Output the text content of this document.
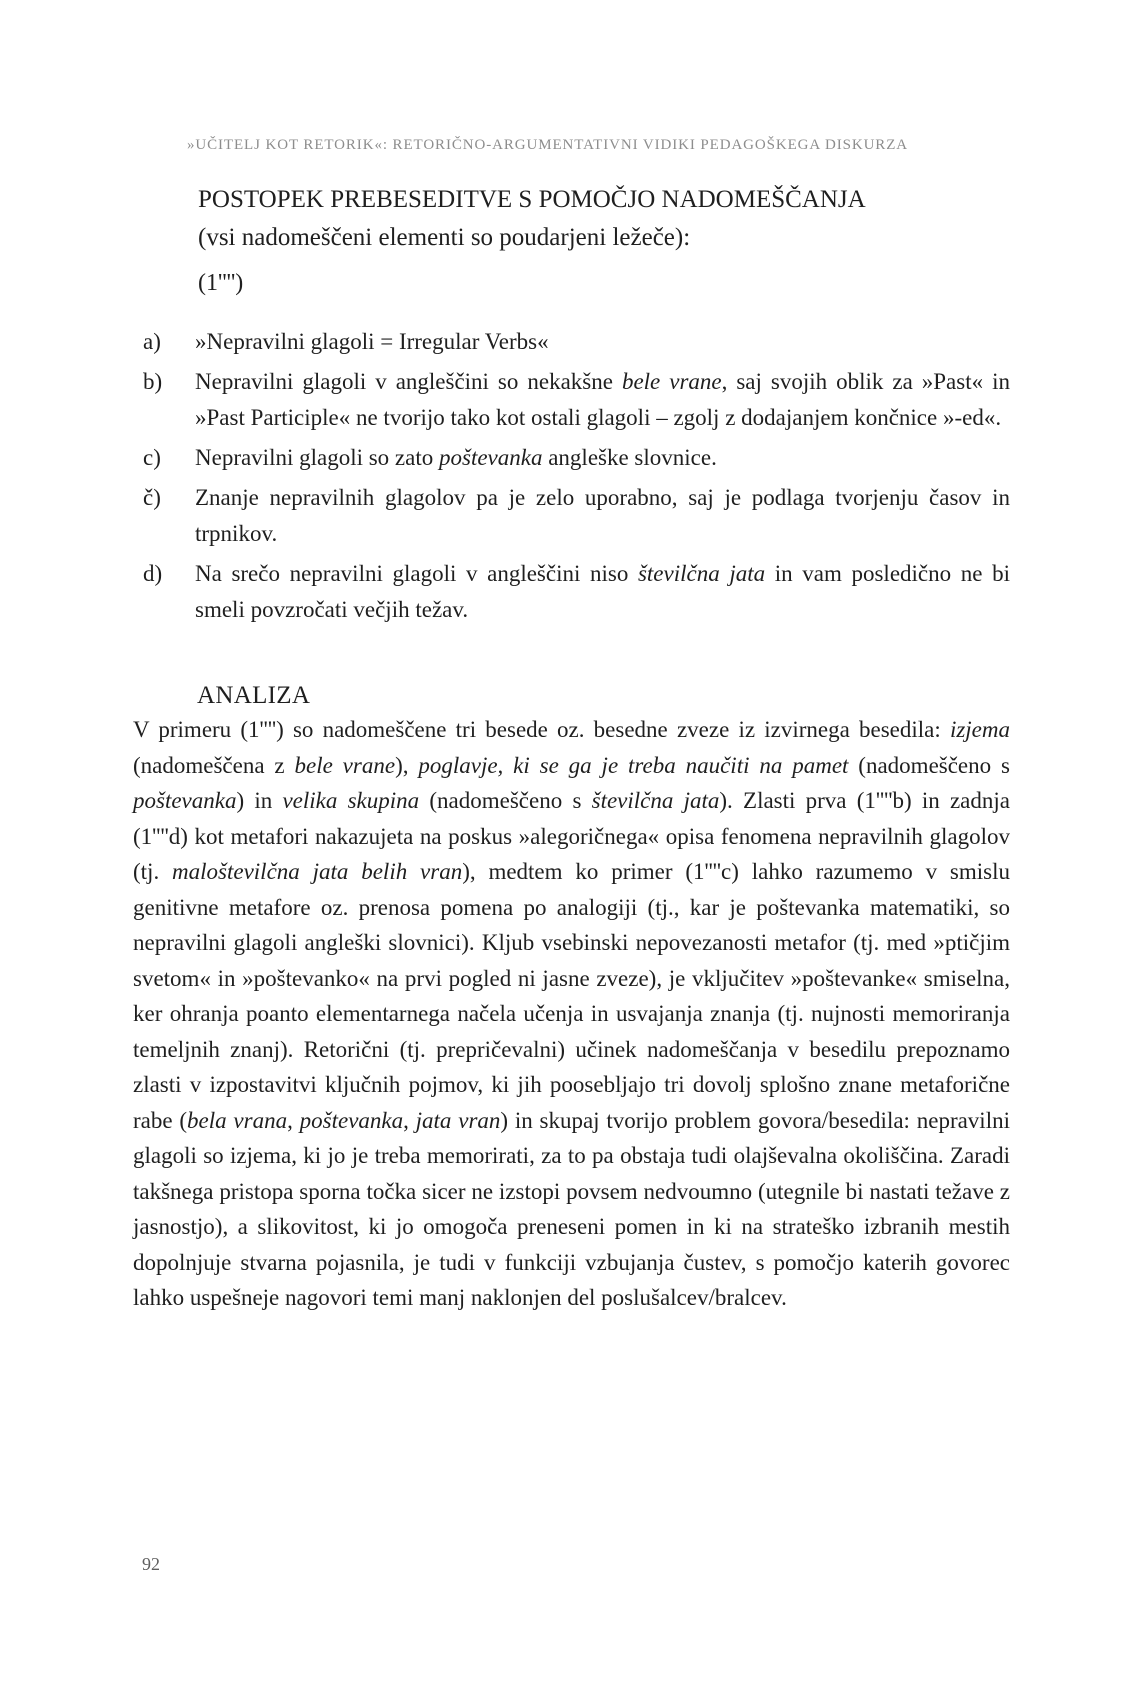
»UČITELJ KOT RETORIK«: RETORIČNO-ARGUMENTATIVNI VIDIKI PEDAGOŠKEGA DISKURZA
POSTOPEK PREBESEDITVE S POMOČJO NADOMEŠČANJA
(vsi nadomeščeni elementi so poudarjeni ležeče):
(1'''')
a) »Nepravilni glagoli = Irregular Verbs«
b) Nepravilni glagoli v angleščini so nekakšne bele vrane, saj svojih oblik za »Past« in »Past Participle« ne tvorijo tako kot ostali glagoli – zgolj z dodajanjem končnice »-ed«.
c) Nepravilni glagoli so zato poštevanka angleške slovnice.
č) Znanje nepravilnih glagolov pa je zelo uporabno, saj je podlaga tvorjenju časov in trpnikov.
d) Na srečo nepravilni glagoli v angleščini niso številčna jata in vam posledično ne bi smeli povzročati večjih težav.
ANALIZA

V primeru (1'''') so nadomeščene tri besede oz. besedne zveze iz izvirnega besedila: izjema (nadomeščena z bele vrane), poglavje, ki se ga je treba naučiti na pamet (nadomeščeno s poštevanka) in velika skupina (nadomeščeno s številčna jata). Zlasti prva (1''''b) in zadnja (1''''d) kot metafori nakazujeta na poskus »alegoričnega« opisa fenomena nepravilnih glagolov (tj. maloštevilčna jata belih vran), medtem ko primer (1''''c) lahko razumemo v smislu genitivne metafore oz. prenosa pomena po analogiji (tj., kar je poštevanka matematiki, so nepravilni glagoli angleški slovnici). Kljub vsebinski nepovezanosti metafor (tj. med »ptičjim svetom« in »poštevanko« na prvi pogled ni jasne zveze), je vključitev »poštevanke« smiselna, ker ohranja poanto elementarnega načela učenja in usvajanja znanja (tj. nujnosti memoriranja temeljnih znanj). Retorični (tj. prepričevalni) učinek nadomeščanja v besedilu prepoznamo zlasti v izpostavitvi ključnih pojmov, ki jih poosebljajo tri dovolj splošno znane metaforične rabe (bela vrana, poštevanka, jata vran) in skupaj tvorijo problem govora/besedila: nepravilni glagoli so izjema, ki jo je treba memorirati, za to pa obstaja tudi olajševalna okoliščina. Zaradi takšnega pristopa sporna točka sicer ne izstopi povsem nedvoumno (utegnile bi nastati težave z jasnostjo), a slikovitost, ki jo omogoča preneseni pomen in ki na strateško izbranih mestih dopolnjuje stvarna pojasnila, je tudi v funkciji vzbujanja čustev, s pomočjo katerih govorec lahko uspešneje nagovori temi manj naklonjen del poslušalcev/bralcev.

92
